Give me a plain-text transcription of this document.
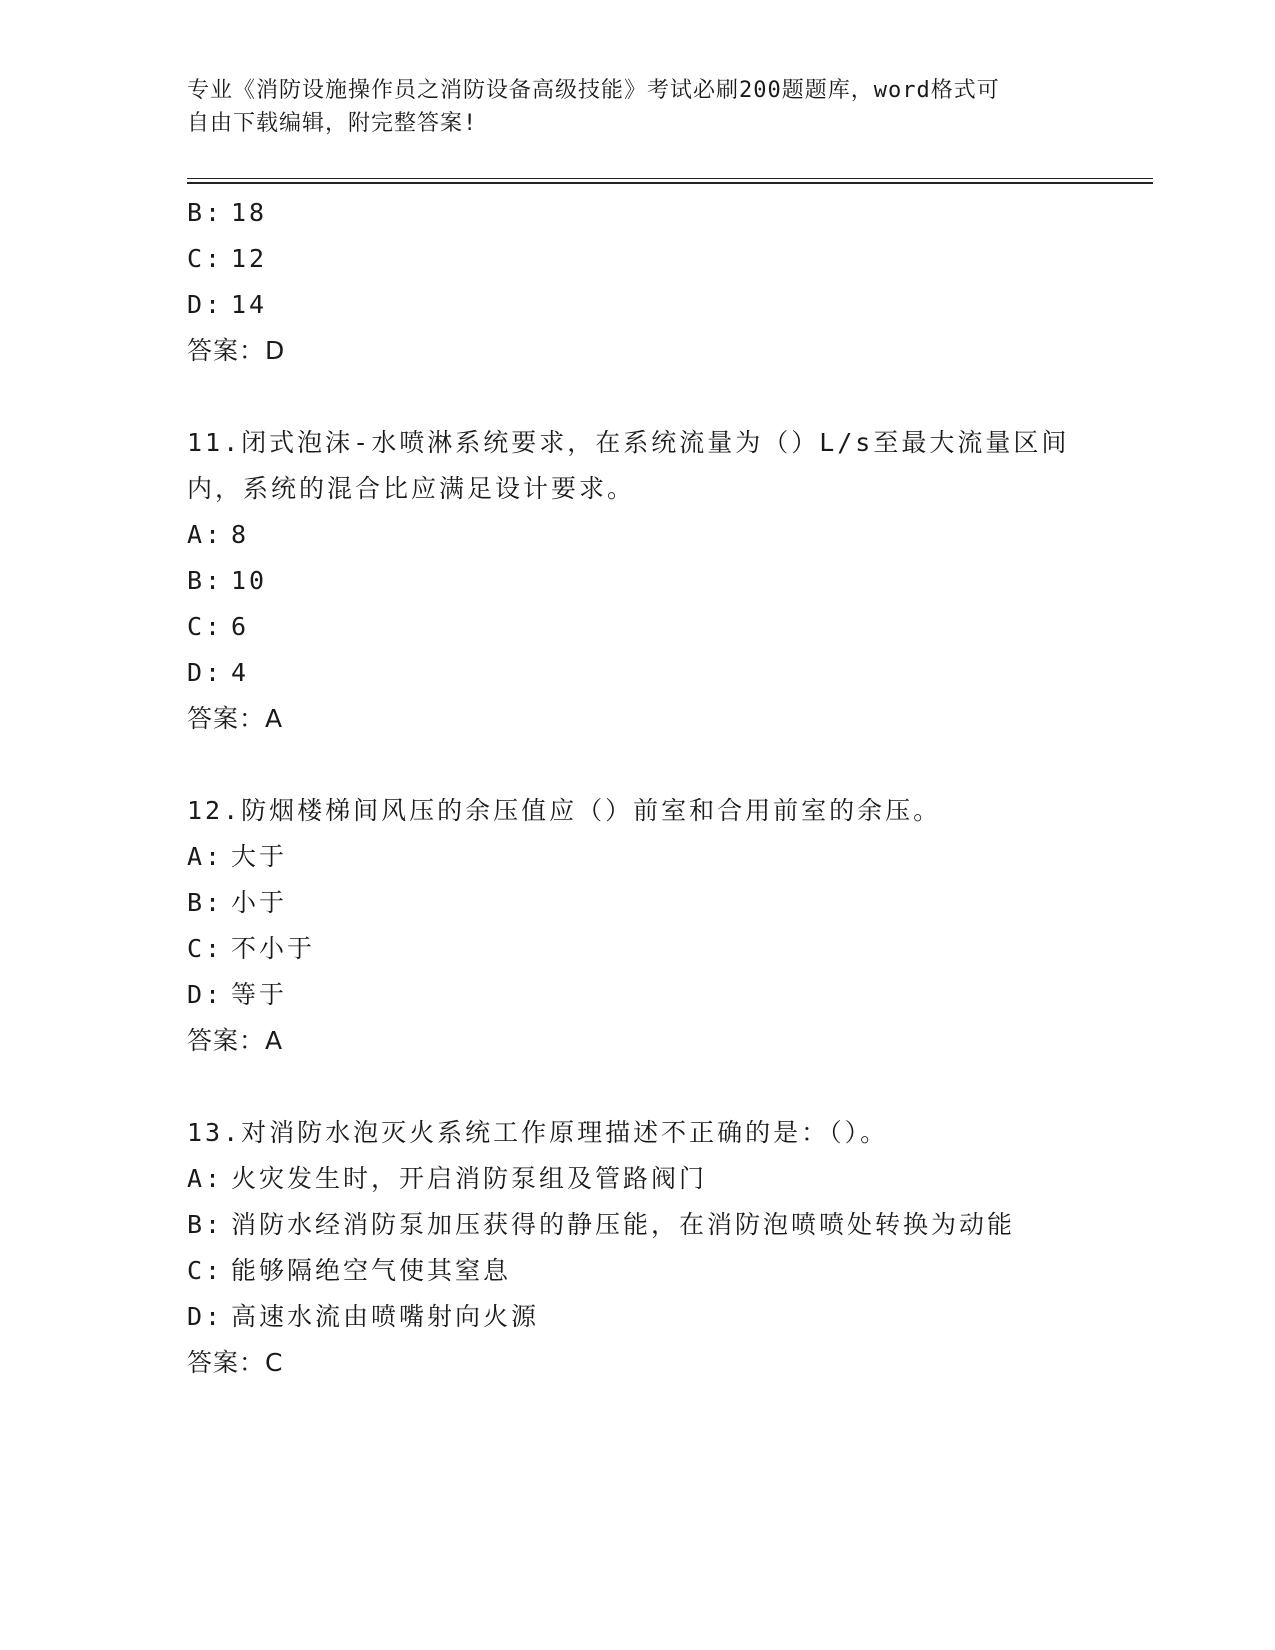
专业《消防设施操作员之消防设备高级技能》考试必刷200题题库，word格式可
自由下载编辑，附完整答案!
B: 18
C: 12
D: 14
答案：D
11.闭式泡沫-水喷淋系统要求，在系统流量为（）L/s至最大流量区间
内，系统的混合比应满足设计要求。
A: 8
B: 10
C: 6
D: 4
答案：A
12.防烟楼梯间风压的余压值应（）前室和合用前室的余压。
A: 大于
B: 小于
C: 不小于
D: 等于
答案：A
13.对消防水泡灭火系统工作原理描述不正确的是：（）。
A: 火灾发生时，开启消防泵组及管路阀门
B: 消防水经消防泵加压获得的静压能，在消防泡喷喷处转换为动能
C: 能够隔绝空气使其窒息
D: 高速水流由喷嘴射向火源
答案：C
